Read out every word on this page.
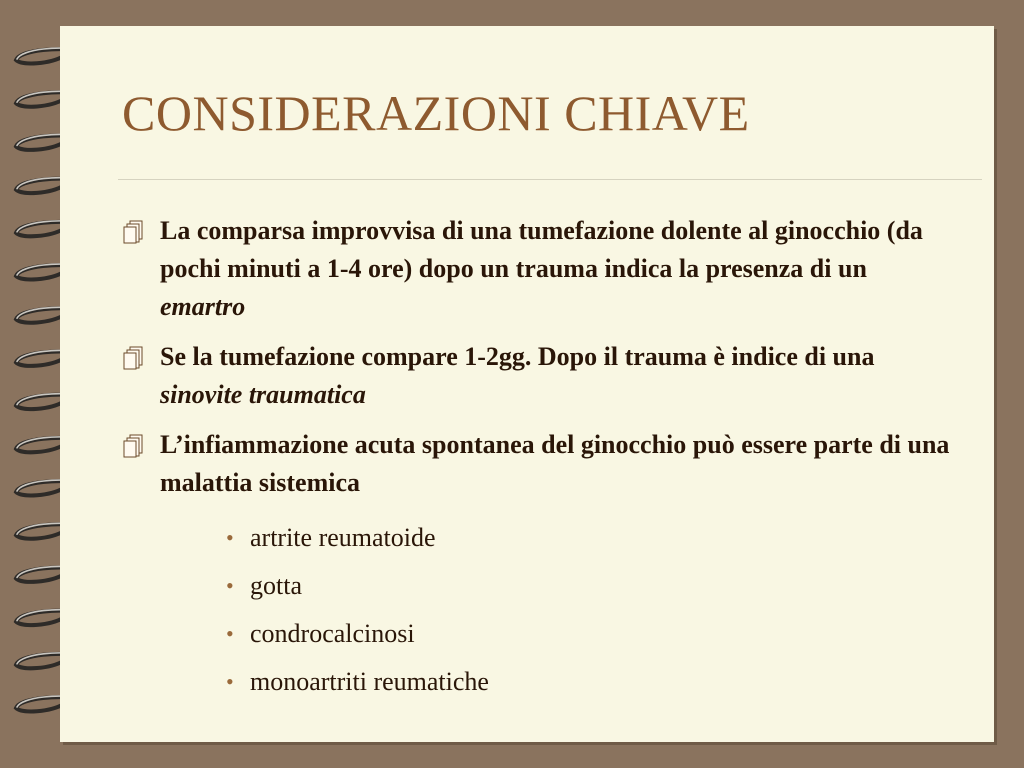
CONSIDERAZIONI CHIAVE
La comparsa improvvisa di una tumefazione dolente al ginocchio (da pochi minuti a 1-4 ore) dopo un trauma indica la presenza di un emartro
Se la tumefazione compare 1-2gg. Dopo il trauma è indice di una sinovite traumatica
L’infiammazione acuta spontanea del ginocchio può essere parte di una malattia sistemica
• artrite reumatoide
• gotta
• condrocalcinosi
• monoartriti reumatiche
